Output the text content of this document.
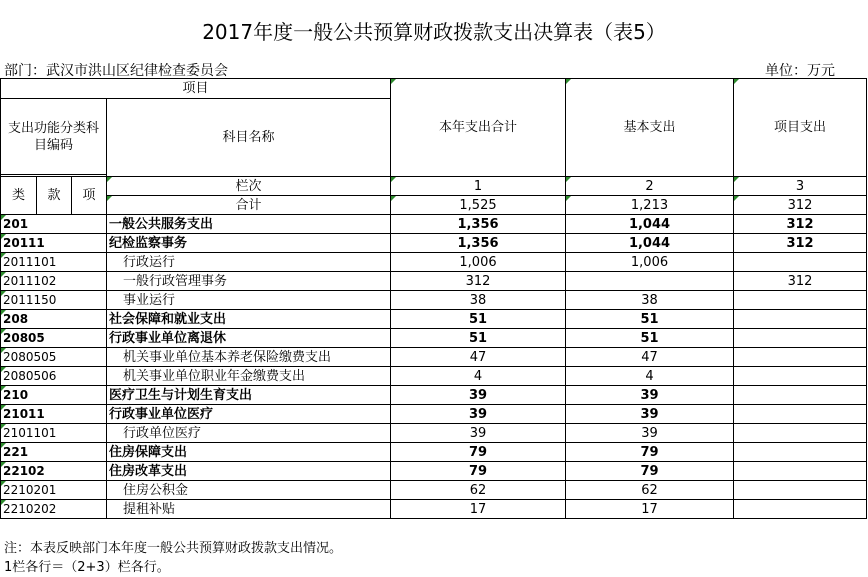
2017年度一般公共预算财政拨款支出决算表（表5）
部门：武汉市洪山区纪律检查委员会	单位：万元
项目				本年支出合计	基本支出	项目支出
支出功能分类科目编码			科目名称			

类	款	项	栏次	1	2	3
			合计	1,525	1,213	312
201			一般公共服务支出	1,356	1,044	312
20111			纪检监察事务	1,356	1,044	312
2011101			行政运行	1,006	1,006	
2011102			一般行政管理事务	312		312
2011150			事业运行	38	38	
208			社会保障和就业支出	51	51	
20805			行政事业单位离退休	51	51	
2080505			机关事业单位基本养老保险缴费支出	47	47	
2080506			机关事业单位职业年金缴费支出	4	4	
210			医疗卫生与计划生育支出	39	39	
21011			行政事业单位医疗	39	39	
2101101			行政单位医疗	39	39	
221			住房保障支出	79	79	
22102			住房改革支出	79	79	
2210201			住房公积金	62	62	
2210202			提租补贴	17	17	
注：本表反映部门本年度一般公共预算财政拨款支出情况。
1栏各行＝（2+3）栏各行。
